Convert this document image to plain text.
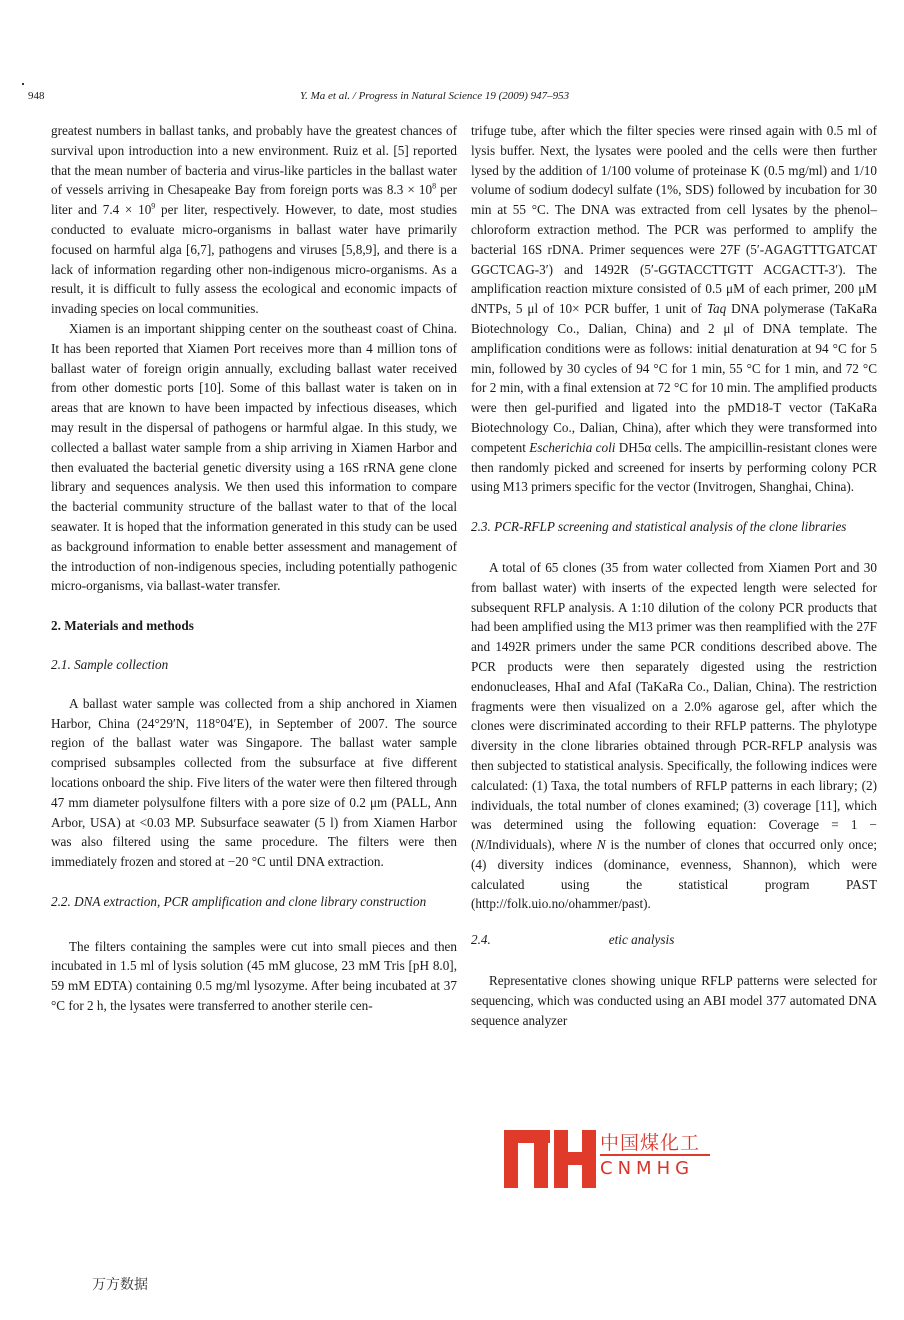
948	Y. Ma et al. / Progress in Natural Science 19 (2009) 947–953

greatest numbers in ballast tanks, and probably have the greatest chances of survival upon introduction into a new environment. Ruiz et al. [5] reported that the mean number of bacteria and virus-like particles in the ballast water of vessels arriving in Chesapeake Bay from foreign ports was $8.3 \times 10^8$ per liter and $7.4 \times 10^9$ per liter, respectively. However, to date, most studies conducted to evaluate micro-organisms in ballast water have primarily focused on harmful alga [6,7], pathogens and viruses [5,8,9], and there is a lack of information regarding other non-indigenous micro-organisms. As a result, it is difficult to fully assess the ecological and economic impacts of invading species on local communities.

Xiamen is an important shipping center on the southeast coast of China. It has been reported that Xiamen Port receives more than 4 million tons of ballast water of foreign origin annually, excluding ballast water received from other domestic ports [10]. Some of this ballast water is taken on in areas that are known to have been impacted by infectious diseases, which may result in the dispersal of pathogens or harmful algae. In this study, we collected a ballast water sample from a ship arriving in Xiamen Harbor and then evaluated the bacterial genetic diversity using a 16S rRNA gene clone library and sequences analysis. We then used this information to compare the bacterial community structure of the ballast water to that of the local seawater. It is hoped that the information generated in this study can be used as background information to enable better assessment and management of the introduction of non-indigenous species, including potentially pathogenic micro-organisms, via ballast-water transfer.

2. Materials and methods
2.1. Sample collection

A ballast water sample was collected from a ship anchored in Xiamen Harbor, China (24°29′N, 118°04′E), in September of 2007. The source region of the ballast water was Singapore. The ballast water sample comprised subsamples collected from the subsurface at five different locations onboard the ship. Five liters of the water were then filtered through 47 mm diameter polysulfone filters with a pore size of 0.2 μm (PALL, Ann Arbor, USA) at <0.03 MP. Subsurface seawater (5 l) from Xiamen Harbor was also filtered using the same procedure. The filters were then immediately frozen and stored at −20 °C until DNA extraction.

2.2. DNA extraction, PCR amplification and clone library construction

The filters containing the samples were cut into small pieces and then incubated in 1.5 ml of lysis solution (45 mM glucose, 23 mM Tris [pH 8.0], 59 mM EDTA) containing 0.5 mg/ml lysozyme. After being incubated at 37 °C for 2 h, the lysates were transferred to another sterile cen-

trifuge tube, after which the filter species were rinsed again with 0.5 ml of lysis buffer. Next, the lysates were pooled and the cells were then further lysed by the addition of 1/100 volume of proteinase K (0.5 mg/ml) and 1/10 volume of sodium dodecyl sulfate (1%, SDS) followed by incubation for 30 min at 55 °C. The DNA was extracted from cell lysates by the phenol–chloroform extraction method. The PCR was performed to amplify the bacterial 16S rDNA. Primer sequences were 27F (5′-AGAGTTTGATCAT GGCTCAG-3′) and 1492R (5′-GGTACCTTGTT ACGACTT-3′). The amplification reaction mixture consisted of 0.5 μM of each primer, 200 μM dNTPs, 5 μl of 10× PCR buffer, 1 unit of Taq DNA polymerase (TaKaRa Biotechnology Co., Dalian, China) and 2 μl of DNA template. The amplification conditions were as follows: initial denaturation at 94 °C for 5 min, followed by 30 cycles of 94 °C for 1 min, 55 °C for 1 min, and 72 °C for 2 min, with a final extension at 72 °C for 10 min. The amplified products were then gel-purified and ligated into the pMD18-T vector (TaKaRa Biotechnology Co., Dalian, China), after which they were transformed into competent Escherichia coli DH5α cells. The ampicillin-resistant clones were then randomly picked and screened for inserts by performing colony PCR using M13 primers specific for the vector (Invitrogen, Shanghai, China).

2.3. PCR-RFLP screening and statistical analysis of the clone libraries

A total of 65 clones (35 from water collected from Xiamen Port and 30 from ballast water) with inserts of the expected length were selected for subsequent RFLP analysis. A 1:10 dilution of the colony PCR products that had been amplified using the M13 primer was then reamplified with the 27F and 1492R primers under the same PCR conditions described above. The PCR products were then separately digested using the restriction endonucleases, HhaI and AfaI (TaKaRa Co., Dalian, China). The restriction fragments were then visualized on a 2.0% agarose gel, after which the clones were discriminated according to their RFLP patterns. The phylotype diversity in the clone libraries obtained through PCR-RFLP analysis was then subjected to statistical analysis. Specifically, the following indices were calculated: (1) Taxa, the total numbers of RFLP patterns in each library; (2) individuals, the total number of clones examined; (3) coverage [11], which was determined using the following equation: Coverage = 1 − (N/Individuals), where N is the number of clones that occurred only once; (4) diversity indices (dominance, evenness, Shannon), which were calculated using the statistical program PAST (http://folk.uio.no/ohammer/past).

2.4.	etic analysis

Representative clones showing unique RFLP patterns were selected for sequencing, which was conducted using an ABI model 377 automated DNA sequence analyzer

中国煤化工
CNMHG
万方数据
